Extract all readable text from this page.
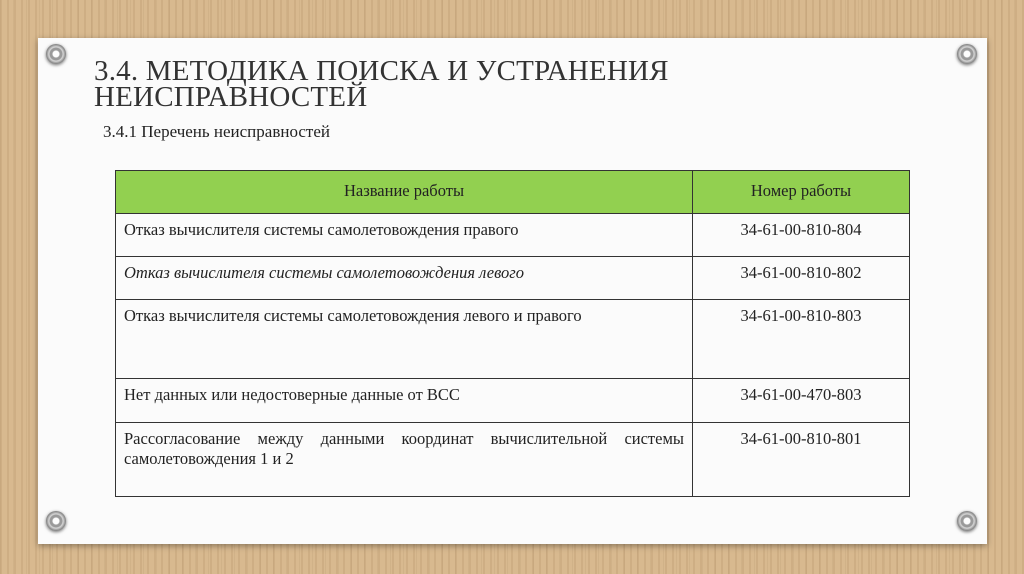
3.4. МЕТОДИКА ПОИСКА И УСТРАНЕНИЯ
НЕИСПРАВНОСТЕЙ

3.4.1 Перечень неисправностей

Название работы	Номер работы
Отказ вычислителя системы самолетовождения правого	34-61-00-810-804
Отказ вычислителя системы самолетовождения левого	34-61-00-810-802
Отказ вычислителя системы самолетовождения левого и правого	34-61-00-810-803
Нет данных или недостоверные данные от ВСС	34-61-00-470-803
Рассогласование между данными координат вычислительной системы самолетовождения 1 и 2	34-61-00-810-801
